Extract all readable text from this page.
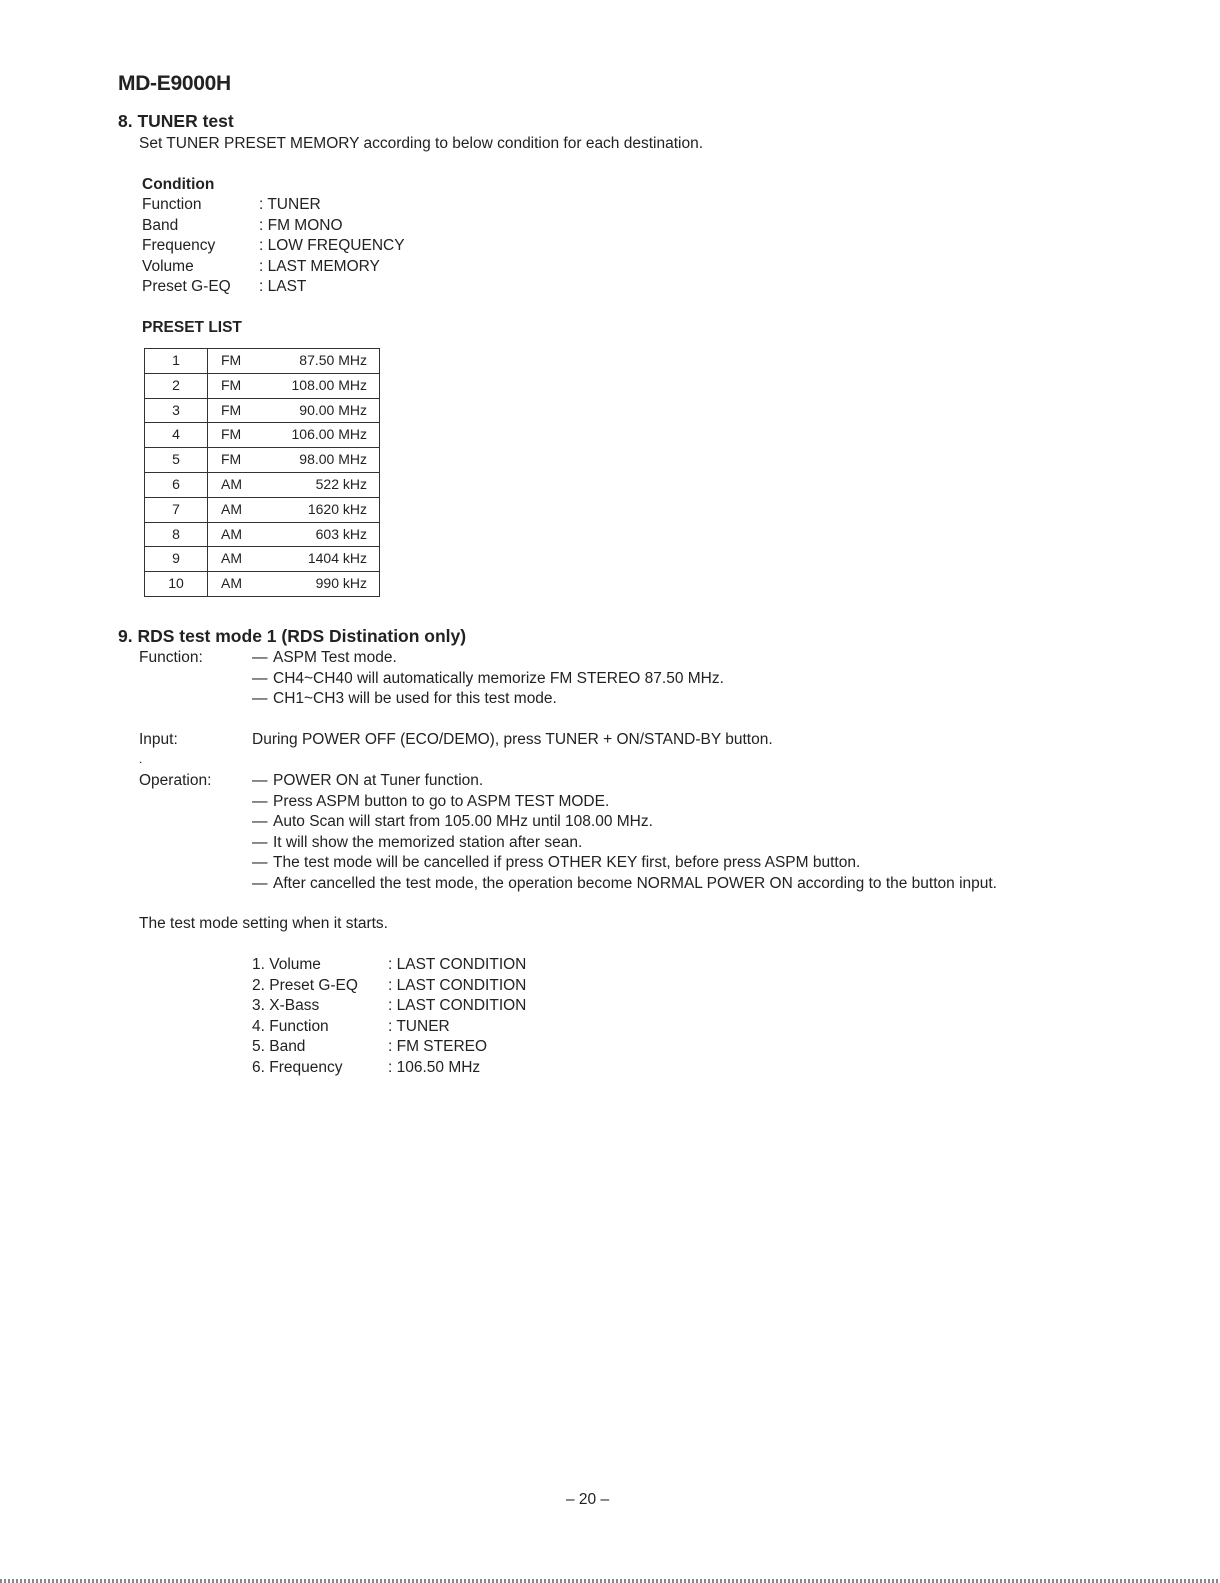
MD-E9000H
8. TUNER test
Set TUNER PRESET MEMORY according to below condition for each destination.
Condition
Function	: TUNER
Band	: FM MONO
Frequency	: LOW FREQUENCY
Volume	: LAST MEMORY
Preset G-EQ : LAST
PRESET LIST
1	FM	87.50 MHz
2	FM	108.00 MHz
3	FM	90.00 MHz
4	FM	106.00 MHz
5	FM	98.00 MHz
6	AM	522 kHz
7	AM	1620 kHz
8	AM	603 kHz
9	AM	1404 kHz
10	AM	990 kHz
9. RDS test mode 1 (RDS Distination only)
Function:	— ASPM Test mode.
— CH4~CH40 will automatically memorize FM STEREO 87.50 MHz.
— CH1~CH3 will be used for this test mode.
Input:	During POWER OFF (ECO/DEMO), press TUNER + ON/STAND-BY button.
.
Operation:	— POWER ON at Tuner function.
— Press ASPM button to go to ASPM TEST MODE.
— Auto Scan will start from 105.00 MHz until 108.00 MHz.
— It will show the memorized station after sean.
— The test mode will be cancelled if press OTHER KEY first, before press ASPM button.
— After cancelled the test mode, the operation become NORMAL POWER ON according to the button input.
The test mode setting when it starts.
1. Volume	: LAST CONDITION
2. Preset G-EQ : LAST CONDITION
3. X-Bass	: LAST CONDITION
4. Function	: TUNER
5. Band	: FM STEREO
6. Frequency	: 106.50 MHz
– 20 –
